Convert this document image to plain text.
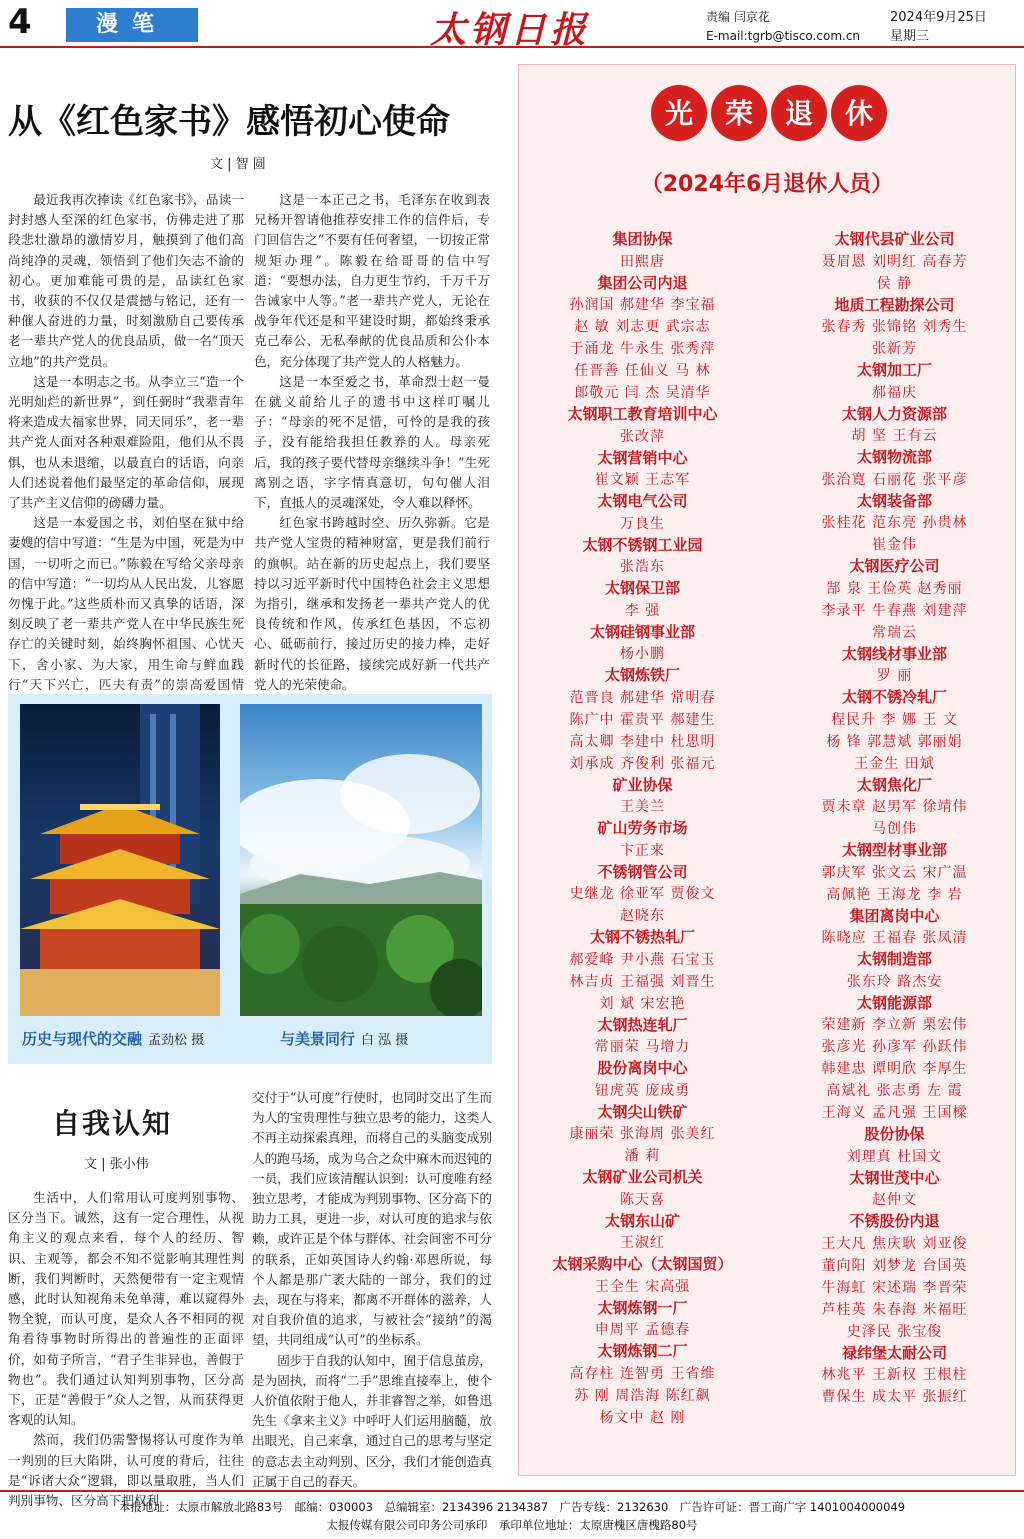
4	漫笔	太钢日报	责编 闫京花
E-mail:tgrb@tisco.com.cn
2024年9月25日
星期三
从《红色家书》感悟初心使命
文 | 智 圆

最近我再次捧读《红色家书》，品读一封封感人至深的红色家书，仿佛走进了那段悲壮激昂的激情岁月，触摸到了他们高尚纯净的灵魂，领悟到了他们矢志不渝的初心。更加难能可贵的是，品读红色家书，收获的不仅仅是震撼与铭记，还有一种催人奋进的力量，时刻激励自己要传承老一辈共产党人的优良品质，做一名“顶天立地”的共产党员。

这是一本明志之书。从李立三“造一个光明灿烂的新世界”，到任弼时“我辈青年将来造成大福家世界，同天同乐”，老一辈共产党人面对各种艰难险阻，他们从不畏惧，也从未退缩，以最直白的话语，向亲人们述说着他们最坚定的革命信仰，展现了共产主义信仰的磅礴力量。

这是一本爱国之书，刘伯坚在狱中给妻嫂的信中写道：“生是为中国，死是为中国，一切听之而已。”陈毅在写给父亲母亲的信中写道：“一切均从人民出发，儿容愿勿愧于此。”这些质朴而又真挚的话语，深刻反映了老一辈共产党人在中华民族生死存亡的关键时刻，始终胸怀祖国、心忧天下，舍小家、为大家，用生命与鲜血践行“天下兴亡，匹夫有责”的崇高爱国情

这是一本正己之书，毛泽东在收到表兄杨开智请他推荐安排工作的信件后，专门回信告之“不要有任何奢望，一切按正常规矩办理”。陈毅在给哥哥的信中写道：“要想办法，自力更生节约，千万千万告诫家中人等。”老一辈共产党人，无论在战争年代还是和平建设时期，都始终秉承克己奉公、无私奉献的优良品质和公仆本色，充分体现了共产党人的人格魅力。

这是一本至爱之书，革命烈士赵一曼在就义前给儿子的遗书中这样叮嘱儿子：“母亲的死不足惜，可怜的是我的孩子，没有能给我担任教养的人。母亲死后，我的孩子要代替母亲继续斗争！”生死离别之语，字字情真意切，句句催人泪下，直抵人的灵魂深处，令人难以释怀。

红色家书跨越时空、历久弥新。它是共产党人宝贵的精神财富，更是我们前行的旗帜。站在新的历史起点上，我们要坚持以习近平新时代中国特色社会主义思想为指引，继承和发扬老一辈共产党人的优良传统和作风，传承红色基因，不忘初心、砥砺前行，接过历史的接力棒，走好新时代的长征路，接续完成好新一代共产党人的光荣使命。

历史与现代的交融 孟劲松 摄	与美景同行 白 泓 摄
自我认知
文 | 张小伟

生活中，人们常用认可度判别事物、区分当下。诚然，这有一定合理性，从视角主义的观点来看，每个人的经历、智识、主观等，都会不知不觉影响其理性判断，我们判断时，天然便带有一定主观情感，此时认知视角未免单薄，难以窥得外物全貌，而认可度，是众人各不相同的视角看待事物时所得出的普遍性的正面评价，如荀子所言，“君子生非异也，善假于物也”。我们通过认知判别事物，区分高下，正是“善假于”众人之智，从而获得更客观的认知。

然而，我们仍需警惕将认可度作为单一判别的巨大陷阱，认可度的背后，往往是“诉诸大众”逻辑，即以量取胜，当人们判别事物、区分高下把权利

交付于“认可度”行使时，也同时交出了生而为人的宝贵理性与独立思考的能力，这类人不再主动探索真理，而将自己的头脑变成别人的跑马场，成为乌合之众中麻木而迟钝的一员，我们应该清醒认识到：认可度唯有经独立思考，才能成为判别事物、区分高下的助力工具，更进一步，对认可度的追求与依赖，或许正是个体与群体、社会间密不可分的联系，正如英国诗人约翰·邓恩所说，每个人都是那广袤大陆的一部分，我们的过去，现在与将来，都离不开群体的滋养，人对自我价值的追求，与被社会“接纳”的渴望，共同组成“认可”的坐标系。

固步于自我的认知中，囿于信息茧房，是为固执，而将“二手”思维直接奉上，使个人价值依附于他人，并非睿智之举，如鲁迅先生《拿来主义》中呼吁人们运用脑髓，放出眼光，自己来拿，通过自己的思考与坚定的意志去主动判别、区分，我们才能创造真正属于自己的春天。

光 荣 退 休
（2024年6月退休人员）
集团协保
田熙唐
集团公司内退
孙润国 郝建华 李宝福
赵 敏 刘志更 武宗志
于涌龙 牛永生 张秀萍
任晋善 任仙义 马 林
郎敬元 闫 杰 吴清华
太钢职工教育培训中心
张改萍
太钢营销中心
崔文颖 王志军
太钢电气公司
万良生
太钢不锈钢工业园
张浩东
太钢保卫部
李 强
太钢硅钢事业部
杨小鹏
太钢炼铁厂
范晋良 郝建华 常明春
陈广中 霍贵平 郝建生
高太卿 李建中 杜思明
刘承成 齐俊利 张福元
矿业协保
王美兰
矿山劳务市场
卞正来
不锈钢管公司
史继龙 徐亚军 贾俊文
赵晓东
太钢不锈热轧厂
郝爱峰 尹小燕 石宝玉
林吉贞 王福强 刘晋生
刘 斌 宋宏艳
太钢热连轧厂
常丽荣 马增力
股份离岗中心
钮虎英 庞成勇
太钢尖山铁矿
康丽荣 张海周 张美红
潘 莉
太钢矿业公司机关
陈天喜
太钢东山矿
王淑红
太钢采购中心（太钢国贸）
王全生 宋高强
太钢炼钢一厂
申周平 孟德春
太钢炼钢二厂
高存柱 连智勇 王省维
苏 刚 周浩海 陈红飙
杨文中 赵 刚
太钢代县矿业公司
聂眉恩 刘明红 高春芳
侯 静
地质工程勘探公司
张春秀 张锦铭 刘秀生
张新芳
太钢加工厂
郝福庆
太钢人力资源部
胡 坚 王有云
太钢物流部
张治寛 石丽花 张平彦
太钢装备部
张桂花 范东亮 孙贵林
崔金伟
太钢医疗公司
郜 泉 王俭英 赵秀丽
李录平 牛春燕 刘建萍
常瑞云
太钢线材事业部
罗 丽
太钢不锈冷轧厂
程民升 李 娜 王 文
杨 锋 郭慧斌 郭丽娟
王金生 田斌
太钢焦化厂
贾未章 赵男军 徐靖伟
马创伟
太钢型材事业部
郭庆军 张文云 宋广温
高佩艳 王海龙 李 岩
集团离岗中心
陈晓应 王福春 张凤清
太钢制造部
张东玲 路杰安
太钢能源部
荣建新 李立新 栗宏伟
张彦光 孙彦军 孙跃伟
韩建忠 谭明欣 李厚生
高斌礼 张志勇 左 霞
王海义 孟凡强 王国樑
股份协保
刘理真 杜国文
太钢世茂中心
赵仲文
不锈股份内退
王大凡 焦庆耿 刘亚俊
董向阳 刘梦龙 台国英
牛海虹 宋述瑞 李晋荣
芦桂英 朱春海 米福旺
史泽民 张宝俊
禄纬堡太耐公司
林兆平 王新权 王根柱
曹保生 成太平 张振红
本报地址：太原市解放北路83号　邮编：030003　总编辑室：2134396 2134387　广告专线：2132630　广告许可证：晋工商广字 1401004000049
太报传媒有限公司印务公司承印　承印单位地址：太原唐槐区唐槐路80号
